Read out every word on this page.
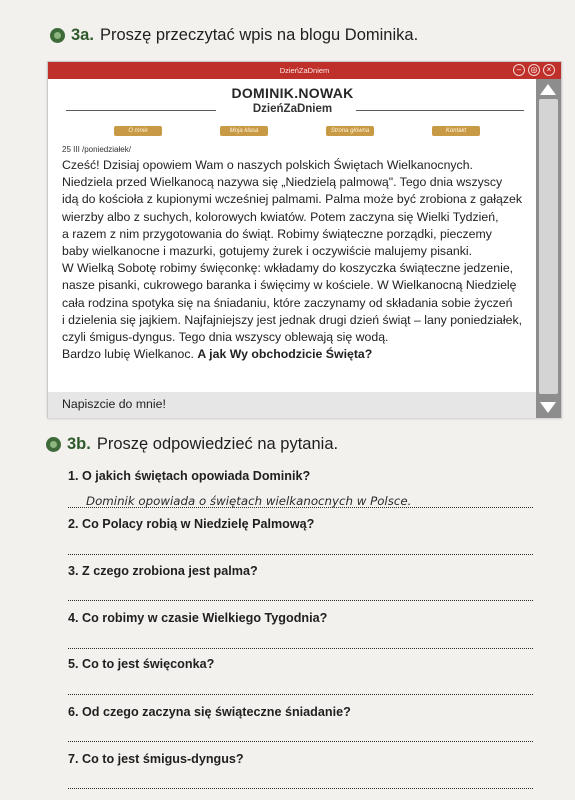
3a. Proszę przeczytać wpis na blogu Dominika.
DzieńZaDniem	–	◎	×
DOMINIK.NOWAK
DzieńZaDniem
O mnie	Moja klasa	Strona główna	Kontakt
25 III /poniedziałek/

Cześć! Dzisiaj opowiem Wam o naszych polskich Świętach Wielkanocnych.

Niedziela przed Wielkanocą nazywa się „Niedzielą palmową". Tego dnia wszyscy

idą do kościoła z kupionymi wcześniej palmami. Palma może być zrobiona z gałązek

wierzby albo z suchych, kolorowych kwiatów. Potem zaczyna się Wielki Tydzień,

a razem z nim przygotowania do świąt. Robimy świąteczne porządki, pieczemy

baby wielkanocne i mazurki, gotujemy żurek i oczywiście malujemy pisanki.

W Wielką Sobotę robimy święconkę: wkładamy do koszyczka świąteczne jedzenie,

nasze pisanki, cukrowego baranka i święcimy w kościele. W Wielkanocną Niedzielę

cała rodzina spotyka się na śniadaniu, które zaczynamy od składania sobie życzeń

i dzielenia się jajkiem. Najfajniejszy jest jednak drugi dzień świąt – lany poniedziałek,

czyli śmigus-dyngus. Tego dnia wszyscy oblewają się wodą.

Bardzo lubię Wielkanoc. A jak Wy obchodzicie Święta?

Napiszcie do mnie!
3b. Proszę odpowiedzieć na pytania.
1. O jakich świętach opowiada Dominik?
Dominik opowiada o świętach wielkanocnych w Polsce.
2. Co Polacy robią w Niedzielę Palmową?
3. Z czego zrobiona jest palma?
4. Co robimy w czasie Wielkiego Tygodnia?
5. Co to jest święconka?
6. Od czego zaczyna się świąteczne śniadanie?
7. Co to jest śmigus-dyngus?
